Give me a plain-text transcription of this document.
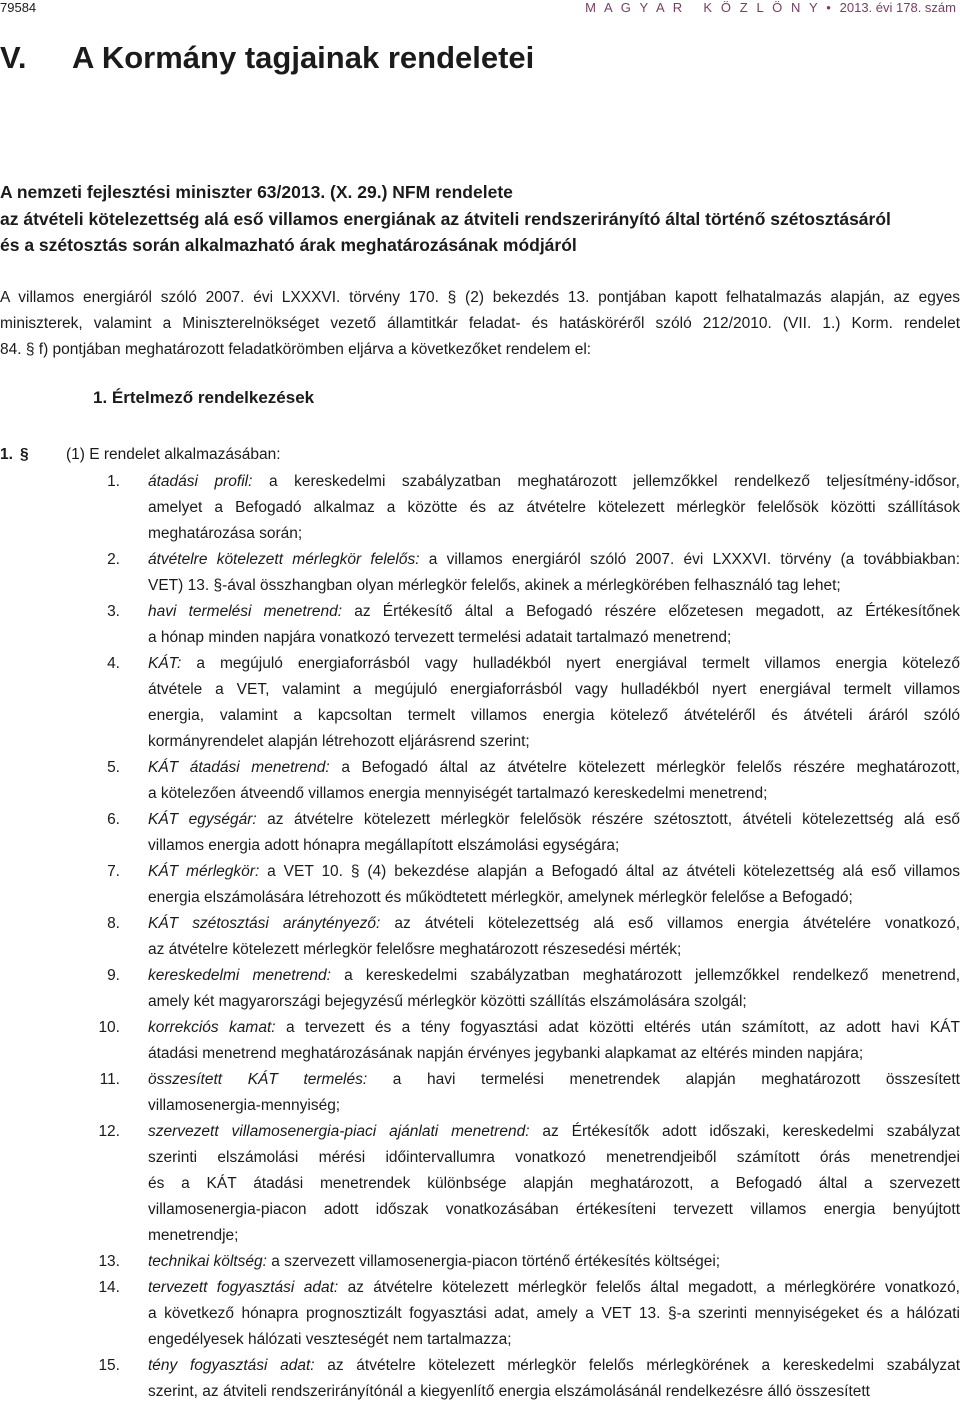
79584	M A G Y A R   K Ö Z L Ö N Y • 2013. évi 178. szám
V. A Kormány tagjainak rendeletei
A nemzeti fejlesztési miniszter 63/2013. (X. 29.) NFM rendelete
az átvételi kötelezettség alá eső villamos energiának az átviteli rendszerirányító által történő szétosztásáról
és a szétosztás során alkalmazható árak meghatározásának módjáról
A villamos energiáról szóló 2007. évi LXXXVI. törvény 170. § (2) bekezdés 13. pontjában kapott felhatalmazás alapján, az egyes
miniszterek, valamint a Miniszterelnökséget vezető államtitkár feladat- és hatásköréről szóló 212/2010. (VII. 1.) Korm. rendelet
84. § f) pontjában meghatározott feladatkörömben eljárva a következőket rendelem el:
1. Értelmező rendelkezések
1. § (1) E rendelet alkalmazásában:
1. átadási profil: a kereskedelmi szabályzatban meghatározott jellemzőkkel rendelkező teljesítmény-idősor,
amelyet a Befogadó alkalmaz a közötte és az átvételre kötelezett mérlegkör felelősök közötti szállítások
meghatározása során;
2. átvételre kötelezett mérlegkör felelős: a villamos energiáról szóló 2007. évi LXXXVI. törvény (a továbbiakban:
VET) 13. §-ával összhangban olyan mérlegkör felelős, akinek a mérlegkörében felhasználó tag lehet;
3. havi termelési menetrend: az Értékesítő által a Befogadó részére előzetesen megadott, az Értékesítőnek
a hónap minden napjára vonatkozó tervezett termelési adatait tartalmazó menetrend;
4. KÁT: a megújuló energiaforrásból vagy hulladékból nyert energiával termelt villamos energia kötelező
átvétele a VET, valamint a megújuló energiaforrásból vagy hulladékból nyert energiával termelt villamos
energia, valamint a kapcsoltan termelt villamos energia kötelező átvételéről és átvételi áráról szóló
kormányrendelet alapján létrehozott eljárásrend szerint;
5. KÁT átadási menetrend: a Befogadó által az átvételre kötelezett mérlegkör felelős részére meghatározott,
a kötelezően átveendő villamos energia mennyiségét tartalmazó kereskedelmi menetrend;
6. KÁT egységár: az átvételre kötelezett mérlegkör felelősök részére szétosztott, átvételi kötelezettség alá eső
villamos energia adott hónapra megállapított elszámolási egységára;
7. KÁT mérlegkör: a VET 10. § (4) bekezdése alapján a Befogadó által az átvételi kötelezettség alá eső villamos
energia elszámolására létrehozott és működtetett mérlegkör, amelynek mérlegkör felelőse a Befogadó;
8. KÁT szétosztási aránytényező: az átvételi kötelezettség alá eső villamos energia átvételére vonatkozó,
az átvételre kötelezett mérlegkör felelősre meghatározott részesedési mérték;
9. kereskedelmi menetrend: a kereskedelmi szabályzatban meghatározott jellemzőkkel rendelkező menetrend,
amely két magyarországi bejegyzésű mérlegkör közötti szállítás elszámolására szolgál;
10. korrekciós kamat: a tervezett és a tény fogyasztási adat közötti eltérés után számított, az adott havi KÁT
átadási menetrend meghatározásának napján érvényes jegybanki alapkamat az eltérés minden napjára;
11. összesített KÁT termelés: a havi termelési menetrendek alapján meghatározott összesített
villamosenergia-mennyiség;
12. szervezett villamosenergia-piaci ajánlati menetrend: az Értékesítők adott időszaki, kereskedelmi szabályzat
szerinti elszámolási mérési időintervallumra vonatkozó menetrendjeiből számított órás menetrendjei
és a KÁT átadási menetrendek különbsége alapján meghatározott, a Befogadó által a szervezett
villamosenergia-piacon adott időszak vonatkozásában értékesíteni tervezett villamos energia benyújtott
menetrendje;
13. technikai költség: a szervezett villamosenergia-piacon történő értékesítés költségei;
14. tervezett fogyasztási adat: az átvételre kötelezett mérlegkör felelős által megadott, a mérlegkörére vonatkozó,
a következő hónapra prognosztizált fogyasztási adat, amely a VET 13. §-a szerinti mennyiségeket és a hálózati
engedélyesek hálózati veszteségét nem tartalmazza;
15. tény fogyasztási adat: az átvételre kötelezett mérlegkör felelős mérlegkörének a kereskedelmi szabályzat
szerint, az átviteli rendszerirányítónál a kiegyenlítő energia elszámolásánál rendelkezésre álló összesített
